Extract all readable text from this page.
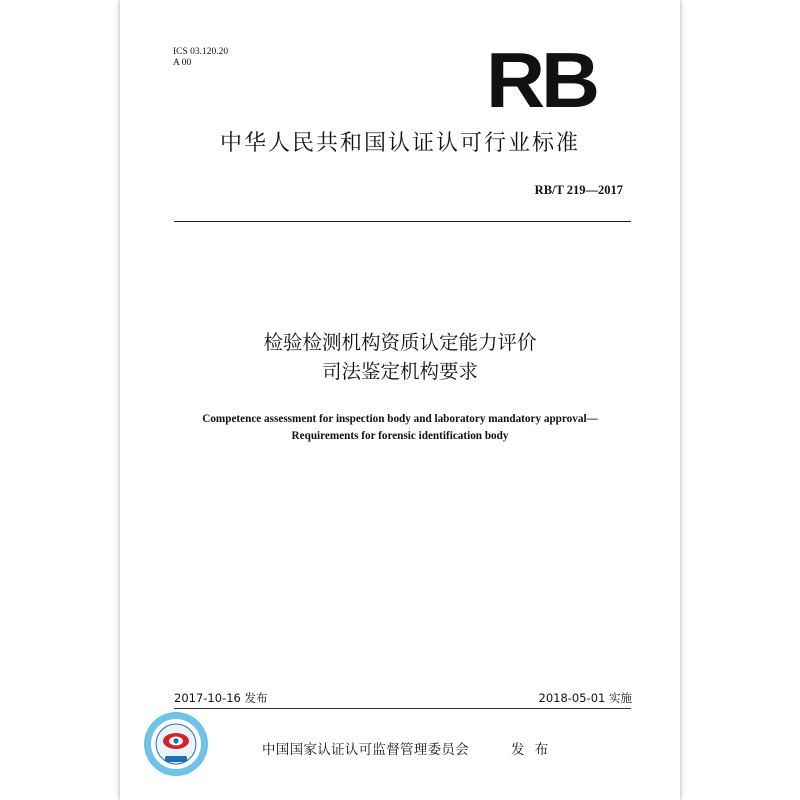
ICS 03.120.20
A 00	RB
中华人民共和国认证认可行业标准
RB/T 219—2017
检验检测机构资质认定能力评价
司法鉴定机构要求
Competence assessment for inspection body and laboratory mandatory approval—
Requirements for forensic identification body
2017-10-16 发布	2018-05-01 实施
中国国家认证认可监督管理委员会	发 布
